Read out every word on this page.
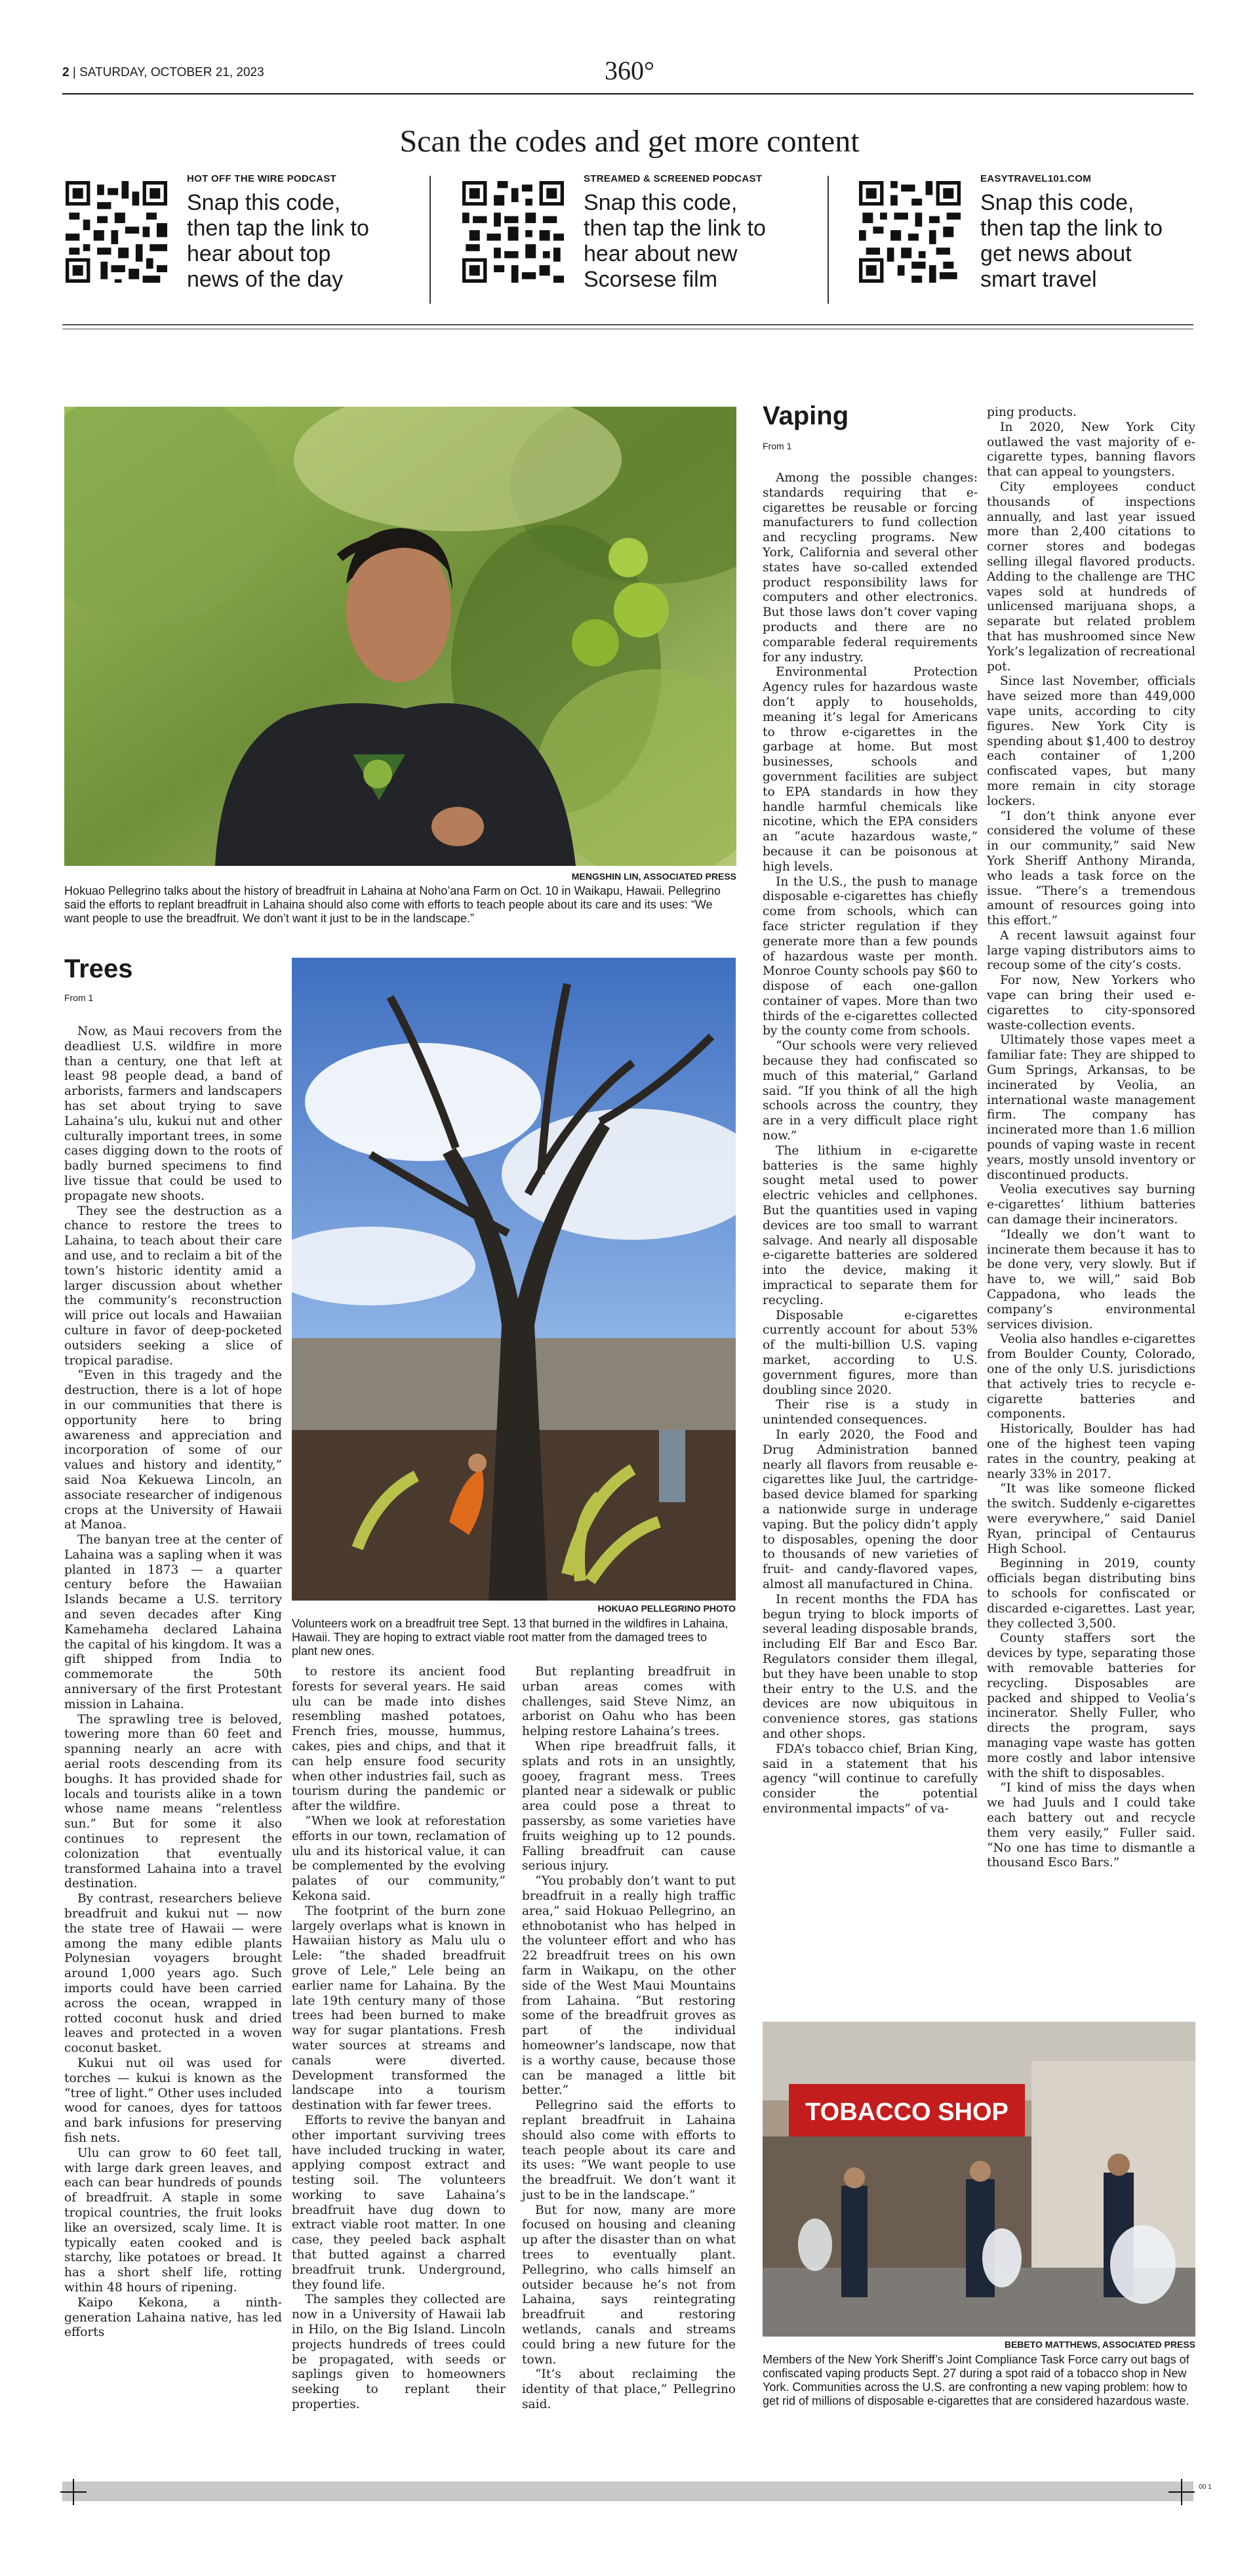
2 | SATURDAY, OCTOBER 21, 2023	360°
Scan the codes and get more content
HOT OFF THE WIRE PODCAST
Snap this code, then tap the link to hear about top news of the day
STREAMED & SCREENED PODCAST
Snap this code, then tap the link to hear about new Scorsese film
EASYTRAVEL101.COM
Snap this code, then tap the link to get news about smart travel
MENGSHIN LIN, ASSOCIATED PRESS
Hokuao Pellegrino talks about the history of breadfruit in Lahaina at Noho’ana Farm on Oct. 10 in Waikapu, Hawaii. Pellegrino said the efforts to replant breadfruit in Lahaina should also come with efforts to teach people about its care and its uses: “We want people to use the breadfruit. We don’t want it just to be in the landscape.”
Trees
From 1
HOKUAO PELLEGRINO PHOTO
Volunteers work on a breadfruit tree Sept. 13 that burned in the wildfires in Lahaina, Hawaii. They are hoping to extract viable root matter from the damaged trees to plant new ones.

Now, as Maui recovers from the deadliest U.S. wildfire in more than a century, one that left at least 98 people dead, a band of arborists, farmers and landscapers has set about trying to save Lahaina’s ulu, kukui nut and other culturally important trees, in some cases digging down to the roots of badly burned specimens to find live tissue that could be used to propagate new shoots.

They see the destruction as a chance to restore the trees to Lahaina, to teach about their care and use, and to reclaim a bit of the town’s historic identity amid a larger discussion about whether the community’s reconstruction will price out locals and Hawaiian culture in favor of deep-pocketed outsiders seeking a slice of tropical paradise.

“Even in this tragedy and the destruction, there is a lot of hope in our communities that there is opportunity here to bring awareness and appreciation and incorporation of some of our values and history and identity,” said Noa Kekuewa Lincoln, an associate researcher of indigenous crops at the University of Hawaii at Manoa.

The banyan tree at the center of Lahaina was a sapling when it was planted in 1873 — a quarter century before the Hawaiian Islands became a U.S. territory and seven decades after King Kamehameha declared Lahaina the capital of his kingdom. It was a gift shipped from India to commemorate the 50th anniversary of the first Protestant mission in Lahaina.

The sprawling tree is beloved, towering more than 60 feet and spanning nearly an acre with aerial roots descending from its boughs. It has provided shade for locals and tourists alike in a town whose name means “relentless sun.” But for some it also continues to represent the colonization that eventually transformed Lahaina into a travel destination.

By contrast, researchers believe breadfruit and kukui nut — now the state tree of Hawaii — were among the many edible plants Polynesian voyagers brought around 1,000 years ago. Such imports could have been carried across the ocean, wrapped in rotted coconut husk and dried leaves and protected in a woven coconut basket.

Kukui nut oil was used for torches — kukui is known as the “tree of light.” Other uses included wood for canoes, dyes for tattoos and bark infusions for preserving fish nets.

Ulu can grow to 60 feet tall, with large dark green leaves, and each can bear hundreds of pounds of breadfruit. A staple in some tropical countries, the fruit looks like an oversized, scaly lime. It is typically eaten cooked and is starchy, like potatoes or bread. It has a short shelf life, rotting within 48 hours of ripening.

Kaipo Kekona, a ninth-generation Lahaina native, has led efforts

to restore its ancient food forests for several years. He said ulu can be made into dishes resembling mashed potatoes, French fries, mousse, hummus, cakes, pies and chips, and that it can help ensure food security when other industries fail, such as tourism during the pandemic or after the wildfire.

“When we look at reforestation efforts in our town, reclamation of ulu and its historical value, it can be complemented by the evolving palates of our community,” Kekona said.

The footprint of the burn zone largely overlaps what is known in Hawaiian history as Malu ulu o Lele: “the shaded breadfruit grove of Lele,” Lele being an earlier name for Lahaina. By the late 19th century many of those trees had been burned to make way for sugar plantations. Fresh water sources at streams and canals were diverted. Development transformed the landscape into a tourism destination with far fewer trees.

Efforts to revive the banyan and other important surviving trees have included trucking in water, applying compost extract and testing soil. The volunteers working to save Lahaina’s breadfruit have dug down to extract viable root matter. In one case, they peeled back asphalt that butted against a charred breadfruit trunk. Underground, they found life.

The samples they collected are now in a University of Hawaii lab in Hilo, on the Big Island. Lincoln projects hundreds of trees could be propagated, with seeds or saplings given to homeowners seeking to replant their properties.

But replanting breadfruit in urban areas comes with challenges, said Steve Nimz, an arborist on Oahu who has been helping restore Lahaina’s trees.

When ripe breadfruit falls, it splats and rots in an unsightly, gooey, fragrant mess. Trees planted near a sidewalk or public area could pose a threat to passersby, as some varieties have fruits weighing up to 12 pounds. Falling breadfruit can cause serious injury.

“You probably don’t want to put breadfruit in a really high traffic area,” said Hokuao Pellegrino, an ethnobotanist who has helped in the volunteer effort and who has 22 breadfruit trees on his own farm in Waikapu, on the other side of the West Maui Mountains from Lahaina. “But restoring some of the breadfruit groves as part of the individual homeowner’s landscape, now that is a worthy cause, because those can be managed a little bit better.”

Pellegrino said the efforts to replant breadfruit in Lahaina should also come with efforts to teach people about its care and its uses: “We want people to use the breadfruit. We don’t want it just to be in the landscape.”

But for now, many are more focused on housing and cleaning up after the disaster than on what trees to eventually plant. Pellegrino, who calls himself an outsider because he’s not from Lahaina, says reintegrating breadfruit and restoring wetlands, canals and streams could bring a new future for the town.

“It’s about reclaiming the identity of that place,” Pellegrino said.

Vaping
From 1

Among the possible changes: standards requiring that e-cigarettes be reusable or forcing manufacturers to fund collection and recycling programs. New York, California and several other states have so-called extended product responsibility laws for computers and other electronics. But those laws don’t cover vaping products and there are no comparable federal requirements for any industry.

Environmental Protection Agency rules for hazardous waste don’t apply to households, meaning it’s legal for Americans to throw e-cigarettes in the garbage at home. But most businesses, schools and government facilities are subject to EPA standards in how they handle harmful chemicals like nicotine, which the EPA considers an “acute hazardous waste,” because it can be poisonous at high levels.

In the U.S., the push to manage disposable e-cigarettes has chiefly come from schools, which can face stricter regulation if they generate more than a few pounds of hazardous waste per month. Monroe County schools pay $60 to dispose of each one-gallon container of vapes. More than two thirds of the e-cigarettes collected by the county come from schools.

“Our schools were very relieved because they had confiscated so much of this material,” Garland said. “If you think of all the high schools across the country, they are in a very difficult place right now.”

The lithium in e-cigarette batteries is the same highly sought metal used to power electric vehicles and cellphones. But the quantities used in vaping devices are too small to warrant salvage. And nearly all disposable e-cigarette batteries are soldered into the device, making it impractical to separate them for recycling.

Disposable e-cigarettes currently account for about 53% of the multi-billion U.S. vaping market, according to U.S. government figures, more than doubling since 2020.

Their rise is a study in unintended consequences.

In early 2020, the Food and Drug Administration banned nearly all flavors from reusable e-cigarettes like Juul, the cartridge-based device blamed for sparking a nationwide surge in underage vaping. But the policy didn’t apply to disposables, opening the door to thousands of new varieties of fruit- and candy-flavored vapes, almost all manufactured in China.

In recent months the FDA has begun trying to block imports of several leading disposable brands, including Elf Bar and Esco Bar. Regulators consider them illegal, but they have been unable to stop their entry to the U.S. and the devices are now ubiquitous in convenience stores, gas stations and other shops.

FDA’s tobacco chief, Brian King, said in a statement that his agency “will continue to carefully consider the potential environmental impacts” of va-

ping products.

In 2020, New York City outlawed the vast majority of e-cigarette types, banning flavors that can appeal to youngsters.

City employees conduct thousands of inspections annually, and last year issued more than 2,400 citations to corner stores and bodegas selling illegal flavored products. Adding to the challenge are THC vapes sold at hundreds of unlicensed marijuana shops, a separate but related problem that has mushroomed since New York’s legalization of recreational pot.

Since last November, officials have seized more than 449,000 vape units, according to city figures. New York City is spending about $1,400 to destroy each container of 1,200 confiscated vapes, but many more remain in city storage lockers.

“I don’t think anyone ever considered the volume of these in our community,” said New York Sheriff Anthony Miranda, who leads a task force on the issue. “There’s a tremendous amount of resources going into this effort.”

A recent lawsuit against four large vaping distributors aims to recoup some of the city’s costs.

For now, New Yorkers who vape can bring their used e-cigarettes to city-sponsored waste-collection events.

Ultimately those vapes meet a familiar fate: They are shipped to Gum Springs, Arkansas, to be incinerated by Veolia, an international waste management firm. The company has incinerated more than 1.6 million pounds of vaping waste in recent years, mostly unsold inventory or discontinued products.

Veolia executives say burning e-cigarettes’ lithium batteries can damage their incinerators.

“Ideally we don’t want to incinerate them because it has to be done very, very slowly. But if have to, we will,” said Bob Cappadona, who leads the company’s environmental services division.

Veolia also handles e-cigarettes from Boulder County, Colorado, one of the only U.S. jurisdictions that actively tries to recycle e-cigarette batteries and components.

Historically, Boulder has had one of the highest teen vaping rates in the country, peaking at nearly 33% in 2017.

“It was like someone flicked the switch. Suddenly e-cigarettes were everywhere,” said Daniel Ryan, principal of Centaurus High School.

Beginning in 2019, county officials began distributing bins to schools for confiscated or discarded e-cigarettes. Last year, they collected 3,500.

County staffers sort the devices by type, separating those with removable batteries for recycling. Disposables are packed and shipped to Veolia’s incinerator. Shelly Fuller, who directs the program, says managing vape waste has gotten more costly and labor intensive with the shift to disposables.

“I kind of miss the days when we had Juuls and I could take each battery out and recycle them very easily,” Fuller said. “No one has time to dismantle a thousand Esco Bars.”

TOBACCO SHOP
BEBETO MATTHEWS, ASSOCIATED PRESS
Members of the New York Sheriff’s Joint Compliance Task Force carry out bags of confiscated vaping products Sept. 27 during a spot raid of a tobacco shop in New York. Communities across the U.S. are confronting a new vaping problem: how to get rid of millions of disposable e-cigarettes that are considered hazardous waste.
00 1
